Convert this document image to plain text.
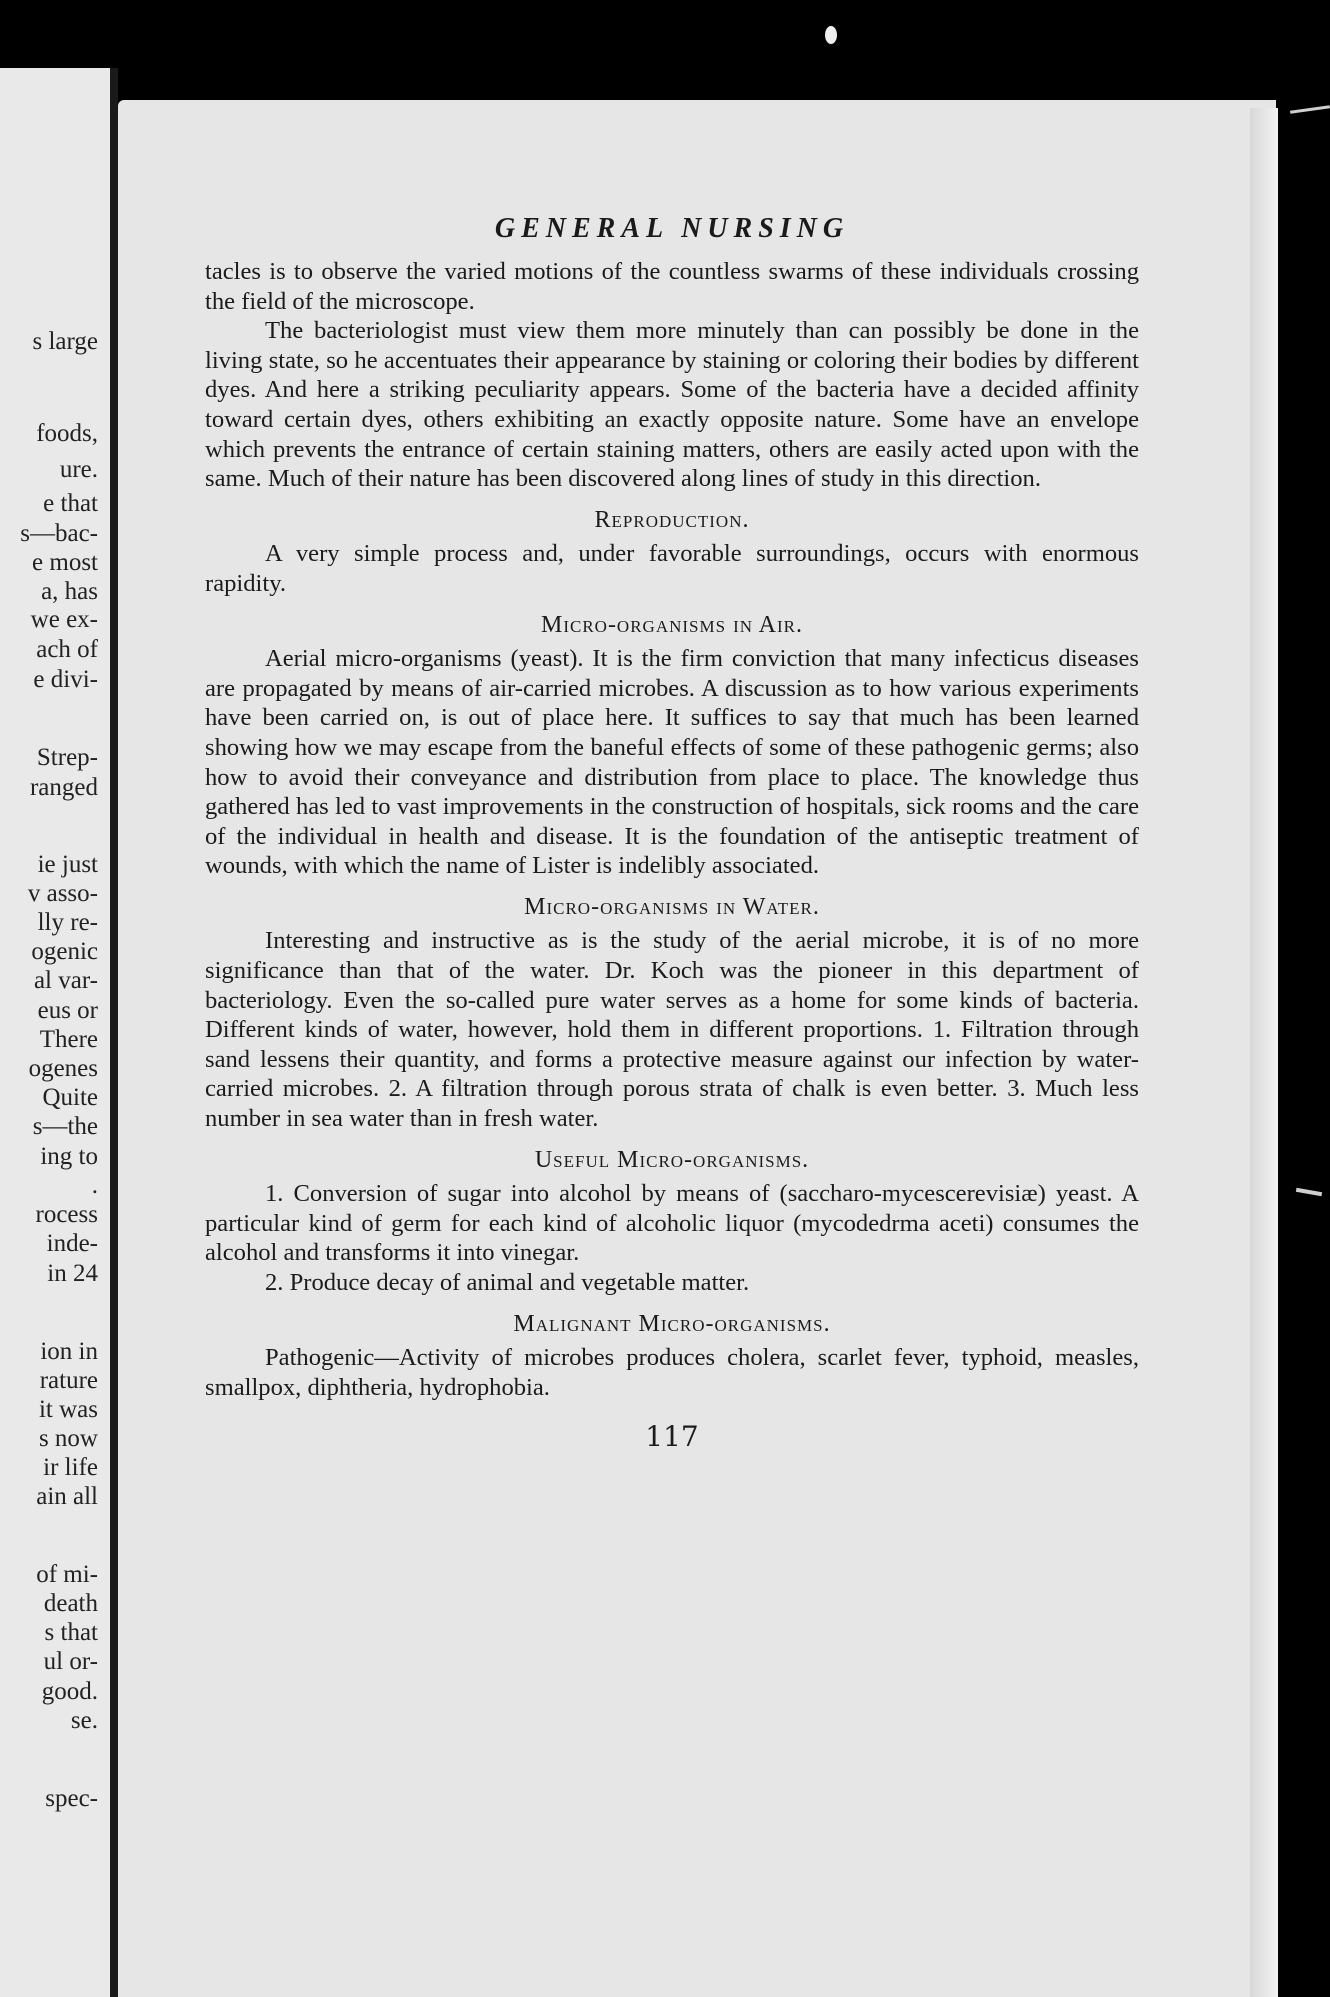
s large
foods,
ure.
e that
s—bac-
e most
a, has
we ex-
ach of
e divi-
Strep-
ranged
ie just
v asso-
lly re-
ogenic
al var-
eus or
There
ogenes
Quite
s—the
ing to
.
rocess
inde-
in 24
ion in
rature
it was
s now
ir life
ain all
of mi-
death
s that
ul or-
good.
se.
spec-
GENERAL NURSING

tacles is to observe the varied motions of the countless swarms of these individuals crossing the field of the microscope.

The bacteriologist must view them more minutely than can possibly be done in the living state, so he accentuates their appearance by staining or coloring their bodies by different dyes. And here a striking peculiarity appears. Some of the bacteria have a decided affinity toward certain dyes, others exhibiting an exactly opposite nature. Some have an envelope which prevents the entrance of certain staining matters, others are easily acted upon with the same. Much of their nature has been discovered along lines of study in this direction.

Reproduction.

A very simple process and, under favorable surroundings, occurs with enormous rapidity.

Micro-organisms in Air.

Aerial micro-organisms (yeast). It is the firm conviction that many infecticus diseases are propagated by means of air-carried microbes. A discussion as to how various experiments have been carried on, is out of place here. It suffices to say that much has been learned showing how we may escape from the baneful effects of some of these pathogenic germs; also how to avoid their conveyance and distribution from place to place. The knowledge thus gathered has led to vast improvements in the construction of hospitals, sick rooms and the care of the individual in health and disease. It is the foundation of the antiseptic treatment of wounds, with which the name of Lister is indelibly associated.

Micro-organisms in Water.

Interesting and instructive as is the study of the aerial microbe, it is of no more significance than that of the water. Dr. Koch was the pioneer in this department of bacteriology. Even the so-called pure water serves as a home for some kinds of bacteria. Different kinds of water, however, hold them in different proportions. 1. Filtration through sand lessens their quantity, and forms a protective measure against our infection by water-carried microbes. 2. A filtration through porous strata of chalk is even better. 3. Much less number in sea water than in fresh water.

Useful Micro-organisms.

1. Conversion of sugar into alcohol by means of (saccharo-mycescerevisiæ) yeast. A particular kind of germ for each kind of alcoholic liquor (mycodedrma aceti) consumes the alcohol and transforms it into vinegar.

2. Produce decay of animal and vegetable matter.

Malignant Micro-organisms.

Pathogenic—Activity of microbes produces cholera, scarlet fever, typhoid, measles, smallpox, diphtheria, hydrophobia.

117
